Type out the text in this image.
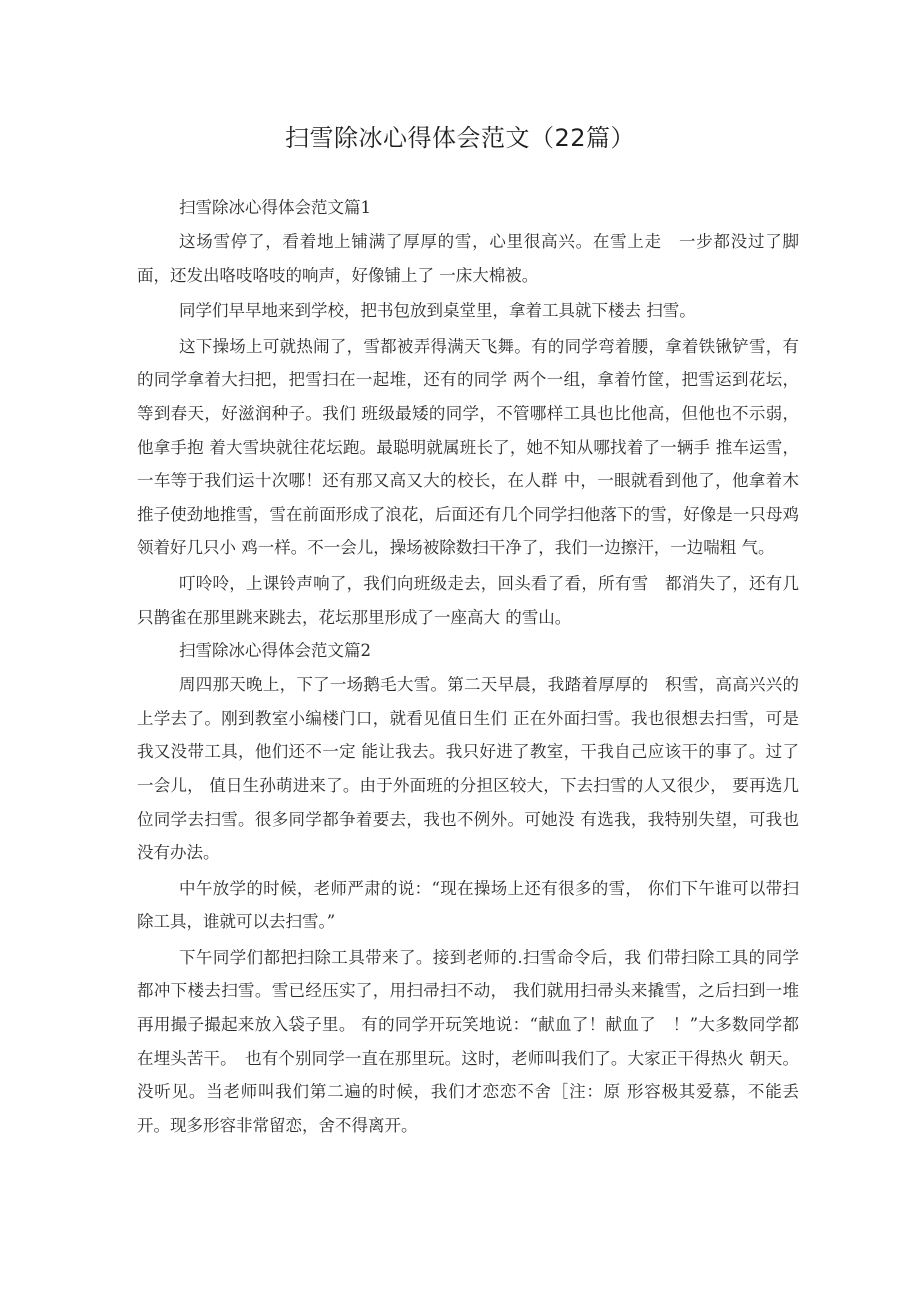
扫雪除冰心得体会范文（22篇）

扫雪除冰心得体会范文篇1

这场雪停了，看着地上铺满了厚厚的雪，心里很高兴。在雪上走　一步都没过了脚面，还发出咯吱咯吱的响声，好像铺上了 一床大棉被。

同学们早早地来到学校，把书包放到桌堂里，拿着工具就下楼去 扫雪。

这下操场上可就热闹了，雪都被弄得满天飞舞。有的同学弯着腰，拿着铁锹铲雪，有的同学拿着大扫把，把雪扫在一起堆，还有的同学 两个一组，拿着竹筐，把雪运到花坛，等到春天，好滋润种子。我们 班级最矮的同学，不管哪样工具也比他高，但他也不示弱，他拿手抱 着大雪块就往花坛跑。最聪明就属班长了，她不知从哪找着了一辆手 推车运雪，一车等于我们运十次哪！还有那又高又大的校长，在人群 中，一眼就看到他了，他拿着木推子使劲地推雪，雪在前面形成了浪花，后面还有几个同学扫他落下的雪，好像是一只母鸡领着好几只小 鸡一样。不一会儿，操场被除数扫干净了，我们一边擦汗，一边喘粗 气。

叮呤呤，上课铃声响了，我们向班级走去，回头看了看，所有雪　都消失了，还有几只鹊雀在那里跳来跳去，花坛那里形成了一座高大 的雪山。

扫雪除冰心得体会范文篇2

周四那天晚上，下了一场鹅毛大雪。第二天早晨，我踏着厚厚的　积雪，高高兴兴的上学去了。刚到教室小编楼门口，就看见值日生们 正在外面扫雪。我也很想去扫雪，可是我又没带工具，他们还不一定 能让我去。我只好进了教室，干我自己应该干的事了。过了一会儿， 值日生孙萌进来了。由于外面班的分担区较大，下去扫雪的人又很少， 要再选几位同学去扫雪。很多同学都争着要去，我也不例外。可她没 有选我，我特别失望，可我也没有办法。

中午放学的时候，老师严肃的说：“现在操场上还有很多的雪， 你们下午谁可以带扫除工具，谁就可以去扫雪。”

下午同学们都把扫除工具带来了。接到老师的.扫雪命令后，我 们带扫除工具的同学都冲下楼去扫雪。雪已经压实了，用扫帚扫不动， 我们就用扫帚头来撬雪，之后扫到一堆再用撮子撮起来放入袋子里。 有的同学开玩笑地说：“献血了！献血了　！”大多数同学都在埋头苦干。　也有个别同学一直在那里玩。这时，老师叫我们了。大家正干得热火 朝天。没听见。当老师叫我们第二遍的时候，我们才恋恋不舍［注：原 形容极其爱慕，不能丢开。现多形容非常留恋，舍不得离开。
